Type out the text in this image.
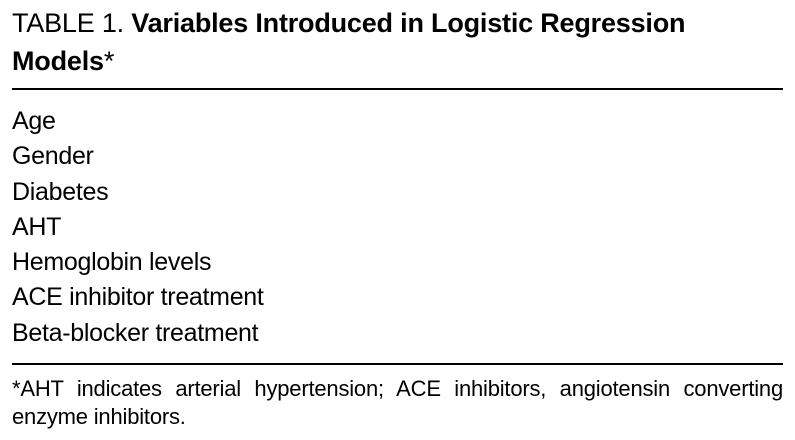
TABLE 1. Variables Introduced in Logistic Regression Models*
Age
Gender
Diabetes
AHT
Hemoglobin levels
ACE inhibitor treatment
Beta-blocker treatment

*AHT indicates arterial hypertension; ACE inhibitors, angiotensin converting enzyme inhibitors.
